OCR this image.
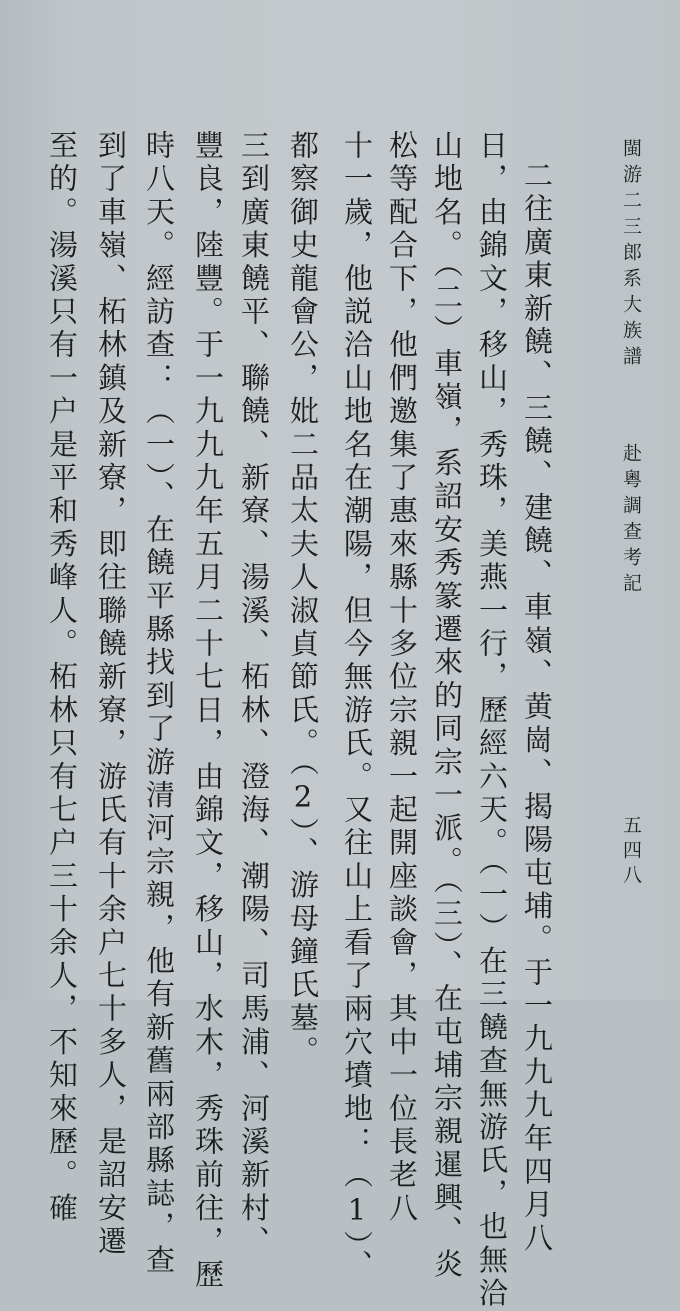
閩游二三郎系大族譜
赴粵調查考記
五四八

二往廣東新饒、三饒、建饒、車嶺、黄崗、揭陽屯埔。于一九九九年四月八

日，由錦文，移山，秀珠，美燕一行，歷經六天。（一）在三饒查無游氏，也無洽

山地名。（二）車嶺，系詔安秀篆遷來的同宗一派。（三）、在屯埔宗親暹興、炎

松等配合下，他們邀集了惠來縣十多位宗親一起開座談會，其中一位長老八

十一歲，他説洽山地名在潮陽，但今無游氏。又往山上看了兩穴墳地：（1）、

都察御史龍會公，妣二品太夫人淑貞節氏。（2）、游母鐘氏墓。

三到廣東饒平、聯饒、新寮、湯溪、柘林、澄海、潮陽、司馬浦、河溪新村、

豐良，陸豐。于一九九九年五月二十七日，由錦文，移山，水木，秀珠前往，歷

時八天。經訪查：（一）、在饒平縣找到了游清河宗親，他有新舊兩部縣誌，查

到了車嶺、柘林鎮及新寮，即往聯饒新寮，游氏有十余户七十多人，是詔安遷

至的。湯溪只有一户是平和秀峰人。柘林只有七户三十余人，不知來歷。確
